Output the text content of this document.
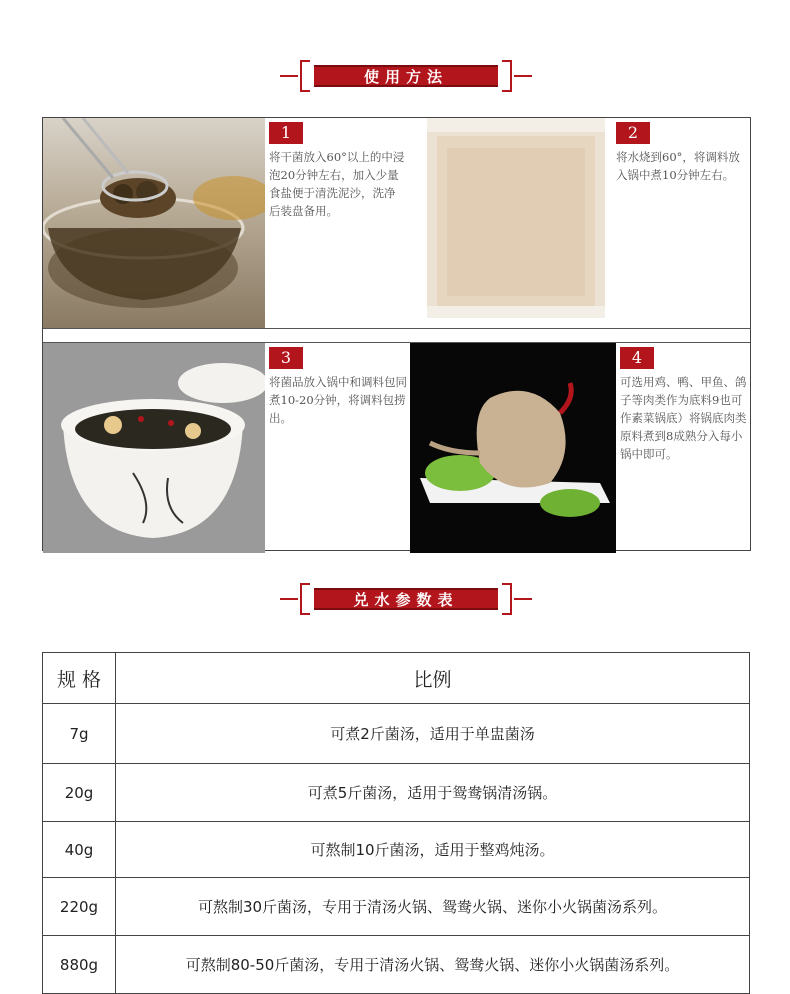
使用方法
1
将干菌放入60°以上的中浸泡20分钟左右，加入少量食盐便于清洗泥沙，洗净后装盘备用。
2
将水烧到60°，将调料放入锅中煮10分钟左右。
3
将菌品放入锅中和调料包同煮10-20分钟，将调料包捞出。
4
可选用鸡、鸭、甲鱼、鸽子等肉类作为底料9也可作素菜锅底）将锅底肉类原料煮到8成熟分入每小锅中即可。
兑水参数表
规 格	比例
7g	可煮2斤菌汤，适用于单盅菌汤
20g	可煮5斤菌汤，适用于鸳鸯锅清汤锅。
40g	可熬制10斤菌汤，适用于整鸡炖汤。
220g	可熬制30斤菌汤，专用于清汤火锅、鸳鸯火锅、迷你小火锅菌汤系列。
880g	可熬制80-50斤菌汤，专用于清汤火锅、鸳鸯火锅、迷你小火锅菌汤系列。
